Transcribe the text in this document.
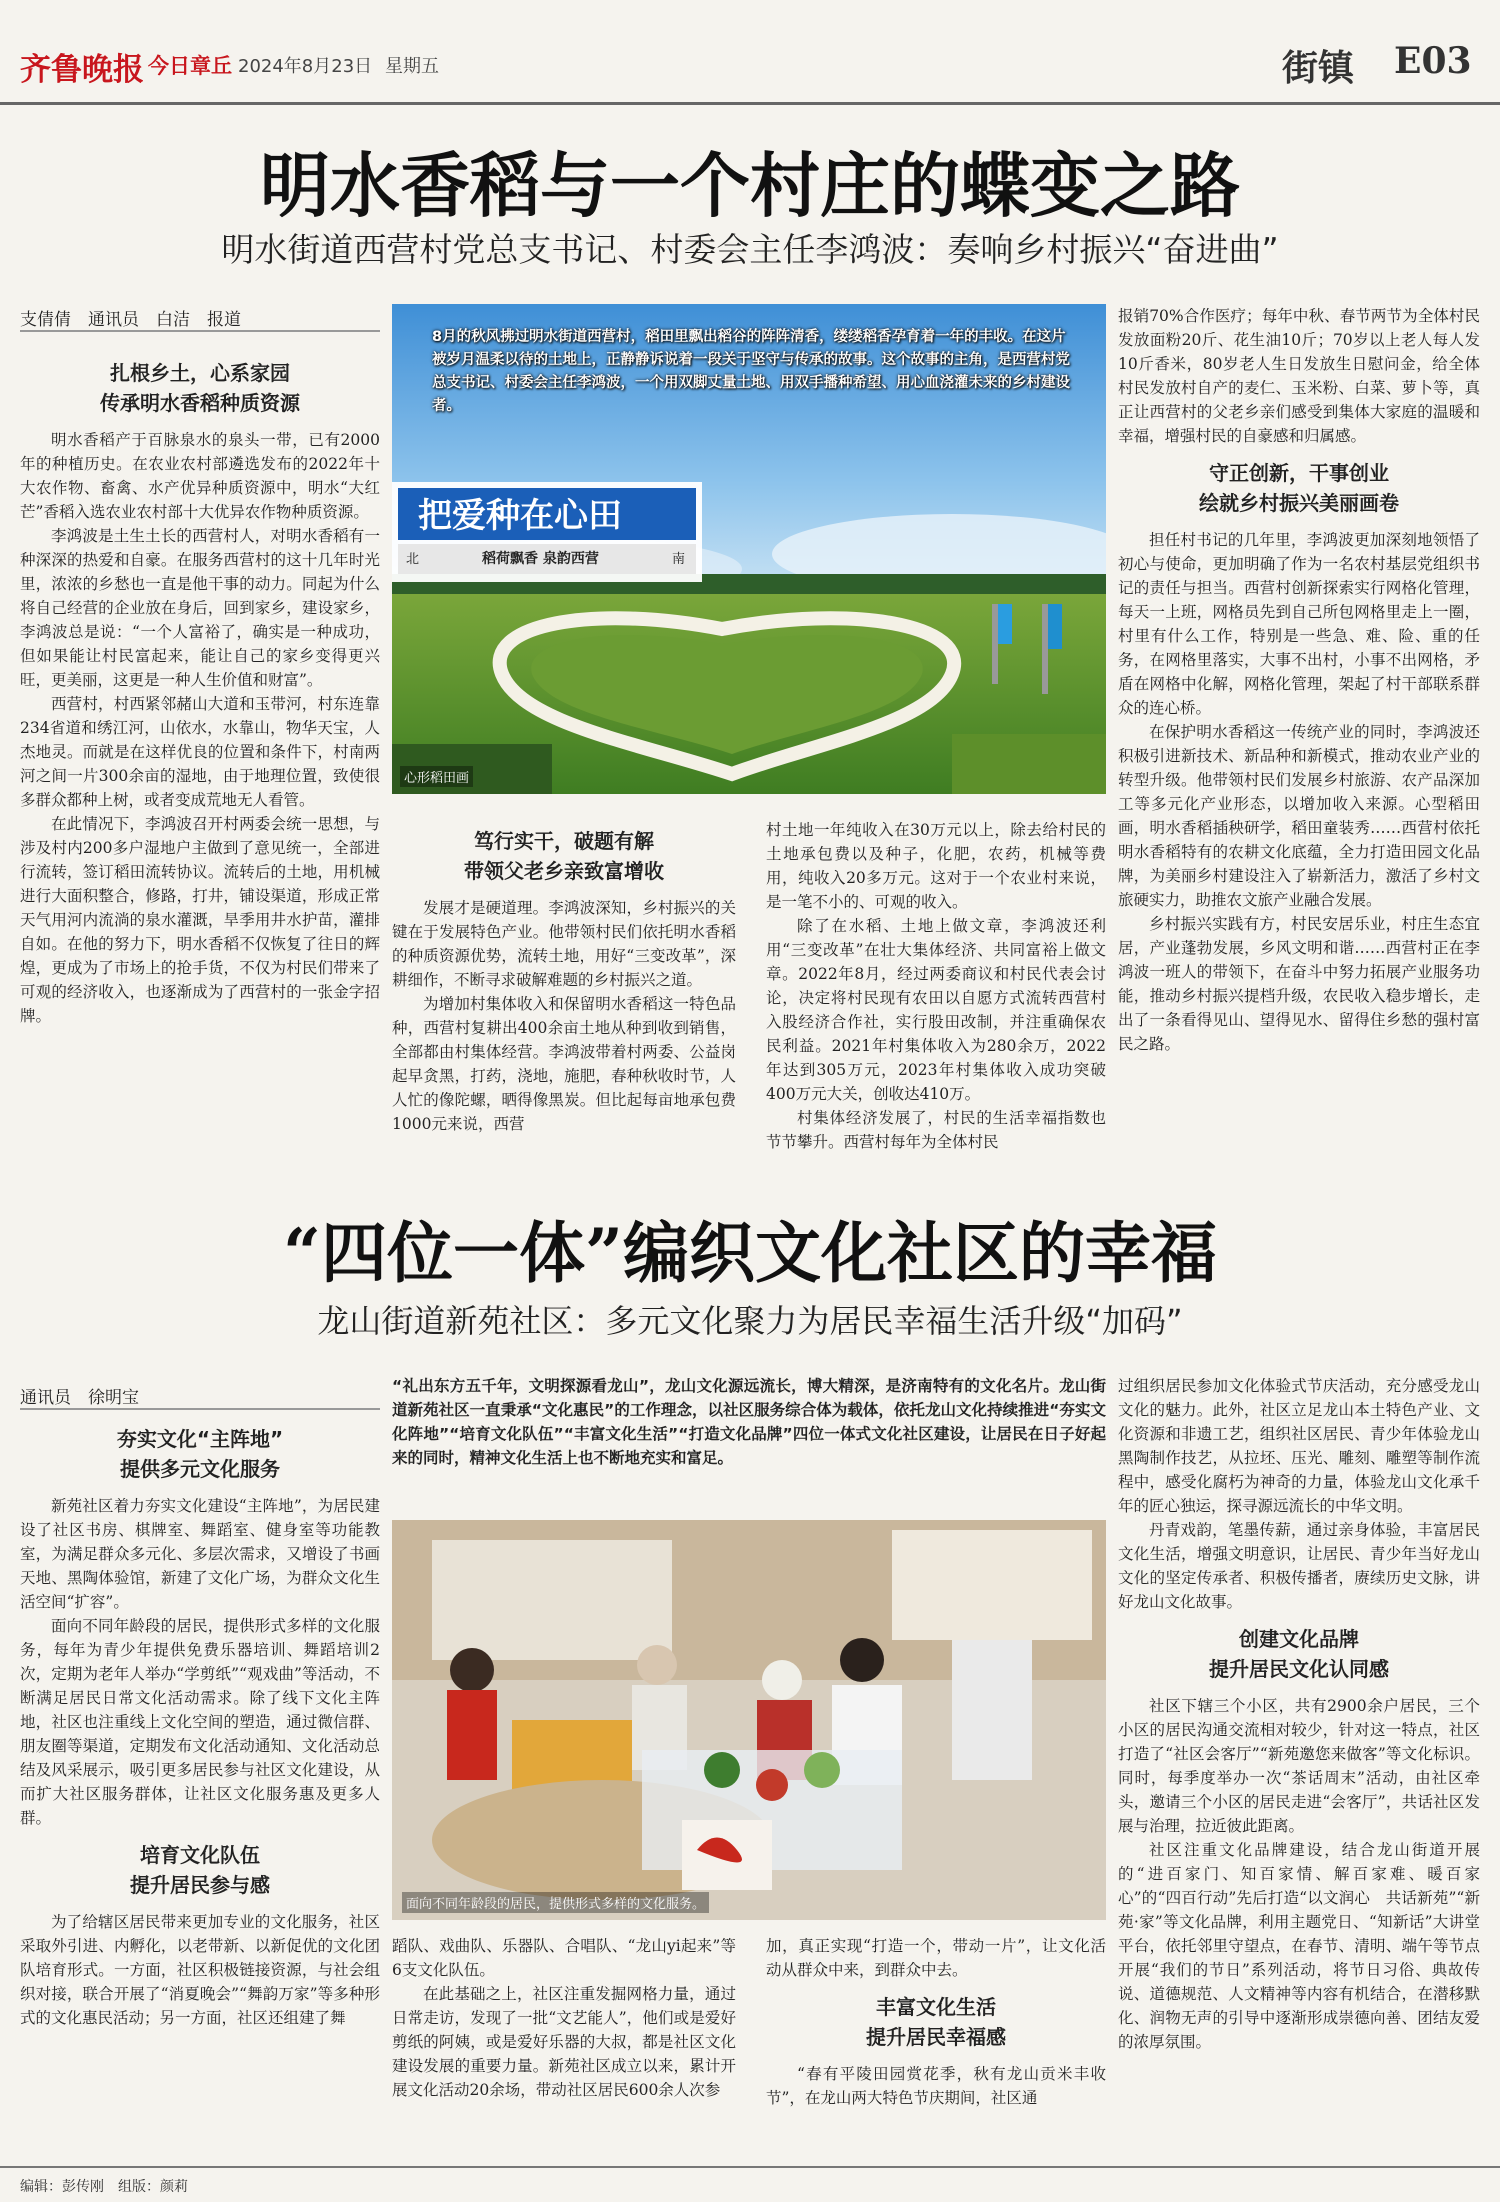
齐鲁晚报 今日章丘 2024年8月23日 星期五	街镇 E03
明水香稻与一个村庄的蝶变之路
明水街道西营村党总支书记、村委会主任李鸿波：奏响乡村振兴“奋进曲”
支倩倩　通讯员　白洁　报道
扎根乡土，心系家园
传承明水香稻种质资源

明水香稻产于百脉泉水的泉头一带，已有2000年的种植历史。在农业农村部遴选发布的2022年十大农作物、畜禽、水产优异种质资源中，明水“大红芒”香稻入选农业农村部十大优异农作物种质资源。

李鸿波是土生土长的西营村人，对明水香稻有一种深深的热爱和自豪。在服务西营村的这十几年时光里，浓浓的乡愁也一直是他干事的动力。同起为什么将自己经营的企业放在身后，回到家乡，建设家乡，李鸿波总是说：“一个人富裕了，确实是一种成功，但如果能让村民富起来，能让自己的家乡变得更兴旺，更美丽，这更是一种人生价值和财富”。

西营村，村西紧邻赭山大道和玉带河，村东连靠234省道和绣江河，山依水，水靠山，物华天宝，人杰地灵。而就是在这样优良的位置和条件下，村南两河之间一片300余亩的湿地，由于地理位置，致使很多群众都种上树，或者变成荒地无人看管。

在此情况下，李鸿波召开村两委会统一思想，与涉及村内200多户湿地户主做到了意见统一，全部进行流转，签订稻田流转协议。流转后的土地，用机械进行大面积整合，修路，打井，铺设渠道，形成正常天气用河内流淌的泉水灌溉，旱季用井水护苗，灌排自如。在他的努力下，明水香稻不仅恢复了往日的辉煌，更成为了市场上的抢手货，不仅为村民们带来了可观的经济收入，也逐渐成为了西营村的一张金字招牌。

8月的秋风拂过明水街道西营村，稻田里飘出稻谷的阵阵清香，缕缕稻香孕育着一年的丰收。在这片被岁月温柔以待的土地上，正静静诉说着一段关于坚守与传承的故事。这个故事的主角，是西营村党总支书记、村委会主任李鸿波，一个用双脚丈量土地、用双手播种希望、用心血浇灌未来的乡村建设者。
把爱种在心田
北	稻荷飘香 泉韵西营	南
心形稻田画
笃行实干，破题有解
带领父老乡亲致富增收

发展才是硬道理。李鸿波深知，乡村振兴的关键在于发展特色产业。他带领村民们依托明水香稻的种质资源优势，流转土地，用好“三变改革”，深耕细作，不断寻求破解难题的乡村振兴之道。

为增加村集体收入和保留明水香稻这一特色品种，西营村复耕出400余亩土地从种到收到销售，全部都由村集体经营。李鸿波带着村两委、公益岗起早贪黑，打药，浇地，施肥，春种秋收时节，人人忙的像陀螺，晒得像黑炭。但比起每亩地承包费1000元来说，西营

村土地一年纯收入在30万元以上，除去给村民的土地承包费以及种子，化肥，农药，机械等费用，纯收入20多万元。这对于一个农业村来说，是一笔不小的、可观的收入。

除了在水稻、土地上做文章，李鸿波还利用“三变改革”在壮大集体经济、共同富裕上做文章。2022年8月，经过两委商议和村民代表会讨论，决定将村民现有农田以自愿方式流转西营村入股经济合作社，实行股田改制，并注重确保农民利益。2021年村集体收入为280余万，2022年达到305万元，2023年村集体收入成功突破400万元大关，创收达410万。

村集体经济发展了，村民的生活幸福指数也节节攀升。西营村每年为全体村民

报销70%合作医疗；每年中秋、春节两节为全体村民发放面粉20斤、花生油10斤；70岁以上老人每人发10斤香米，80岁老人生日发放生日慰问金，给全体村民发放村自产的麦仁、玉米粉、白菜、萝卜等，真正让西营村的父老乡亲们感受到集体大家庭的温暖和幸福，增强村民的自豪感和归属感。

守正创新，干事创业
绘就乡村振兴美丽画卷

担任村书记的几年里，李鸿波更加深刻地领悟了初心与使命，更加明确了作为一名农村基层党组织书记的责任与担当。西营村创新探索实行网格化管理，每天一上班，网格员先到自己所包网格里走上一圈，村里有什么工作，特别是一些急、难、险、重的任务，在网格里落实，大事不出村，小事不出网格，矛盾在网格中化解，网格化管理，架起了村干部联系群众的连心桥。

在保护明水香稻这一传统产业的同时，李鸿波还积极引进新技术、新品种和新模式，推动农业产业的转型升级。他带领村民们发展乡村旅游、农产品深加工等多元化产业形态，以增加收入来源。心型稻田画，明水香稻插秧研学，稻田童装秀……西营村依托明水香稻特有的农耕文化底蕴，全力打造田园文化品牌，为美丽乡村建设注入了崭新活力，激活了乡村文旅硬实力，助推农文旅产业融合发展。

乡村振兴实践有方，村民安居乐业，村庄生态宜居，产业蓬勃发展，乡风文明和谐……西营村正在李鸿波一班人的带领下，在奋斗中努力拓展产业服务功能，推动乡村振兴提档升级，农民收入稳步增长，走出了一条看得见山、望得见水、留得住乡愁的强村富民之路。

“四位一体”编织文化社区的幸福
龙山街道新苑社区：多元文化聚力为居民幸福生活升级“加码”
通讯员　徐明宝
夯实文化“主阵地”
提供多元文化服务

新苑社区着力夯实文化建设“主阵地”，为居民建设了社区书房、棋牌室、舞蹈室、健身室等功能教室，为满足群众多元化、多层次需求，又增设了书画天地、黑陶体验馆，新建了文化广场，为群众文化生活空间“扩容”。

面向不同年龄段的居民，提供形式多样的文化服务，每年为青少年提供免费乐器培训、舞蹈培训2次，定期为老年人举办“学剪纸”“观戏曲”等活动，不断满足居民日常文化活动需求。除了线下文化主阵地，社区也注重线上文化空间的塑造，通过微信群、朋友圈等渠道，定期发布文化活动通知、文化活动总结及风采展示，吸引更多居民参与社区文化建设，从而扩大社区服务群体，让社区文化服务惠及更多人群。

培育文化队伍
提升居民参与感

为了给辖区居民带来更加专业的文化服务，社区采取外引进、内孵化，以老带新、以新促优的文化团队培育形式。一方面，社区积极链接资源，与社会组织对接，联合开展了“消夏晚会”“舞韵万家”等多种形式的文化惠民活动；另一方面，社区还组建了舞

“礼出东方五千年，文明探源看龙山”，龙山文化源远流长，博大精深，是济南特有的文化名片。龙山街道新苑社区一直秉承“文化惠民”的工作理念，以社区服务综合体为载体，依托龙山文化持续推进“夯实文化阵地”“培育文化队伍”“丰富文化生活”“打造文化品牌”四位一体式文化社区建设，让居民在日子好起来的同时，精神文化生活上也不断地充实和富足。
面向不同年龄段的居民，提供形式多样的文化服务。

蹈队、戏曲队、乐器队、合唱队、“龙山yi起来”等6支文化队伍。

在此基础之上，社区注重发掘网格力量，通过日常走访，发现了一批“文艺能人”，他们或是爱好剪纸的阿姨，或是爱好乐器的大叔，都是社区文化建设发展的重要力量。新苑社区成立以来，累计开展文化活动20余场，带动社区居民600余人次参

加，真正实现“打造一个，带动一片”，让文化活动从群众中来，到群众中去。

丰富文化生活
提升居民幸福感

“春有平陵田园赏花季，秋有龙山贡米丰收节”，在龙山两大特色节庆期间，社区通

过组织居民参加文化体验式节庆活动，充分感受龙山文化的魅力。此外，社区立足龙山本土特色产业、文化资源和非遗工艺，组织社区居民、青少年体验龙山黑陶制作技艺，从拉坯、压光、雕刻、雕塑等制作流程中，感受化腐朽为神奇的力量，体验龙山文化承千年的匠心独运，探寻源远流长的中华文明。

丹青戏韵，笔墨传薪，通过亲身体验，丰富居民文化生活，增强文明意识，让居民、青少年当好龙山文化的坚定传承者、积极传播者，赓续历史文脉，讲好龙山文化故事。

创建文化品牌
提升居民文化认同感

社区下辖三个小区，共有2900余户居民，三个小区的居民沟通交流相对较少，针对这一特点，社区打造了“社区会客厅”“新苑邀您来做客”等文化标识。同时，每季度举办一次“茶话周末”活动，由社区牵头，邀请三个小区的居民走进“会客厅”，共话社区发展与治理，拉近彼此距离。

社区注重文化品牌建设，结合龙山街道开展的“进百家门、知百家情、解百家难、暖百家心”的“四百行动”先后打造“以文润心　共话新苑”“新苑·家”等文化品牌，利用主题党日、“知新话”大讲堂平台，依托邻里守望点，在春节、清明、端午等节点开展“我们的节日”系列活动，将节日习俗、典故传说、道德规范、人文精神等内容有机结合，在潜移默化、润物无声的引导中逐渐形成崇德向善、团结友爱的浓厚氛围。

编辑：彭传刚　组版：颜莉
